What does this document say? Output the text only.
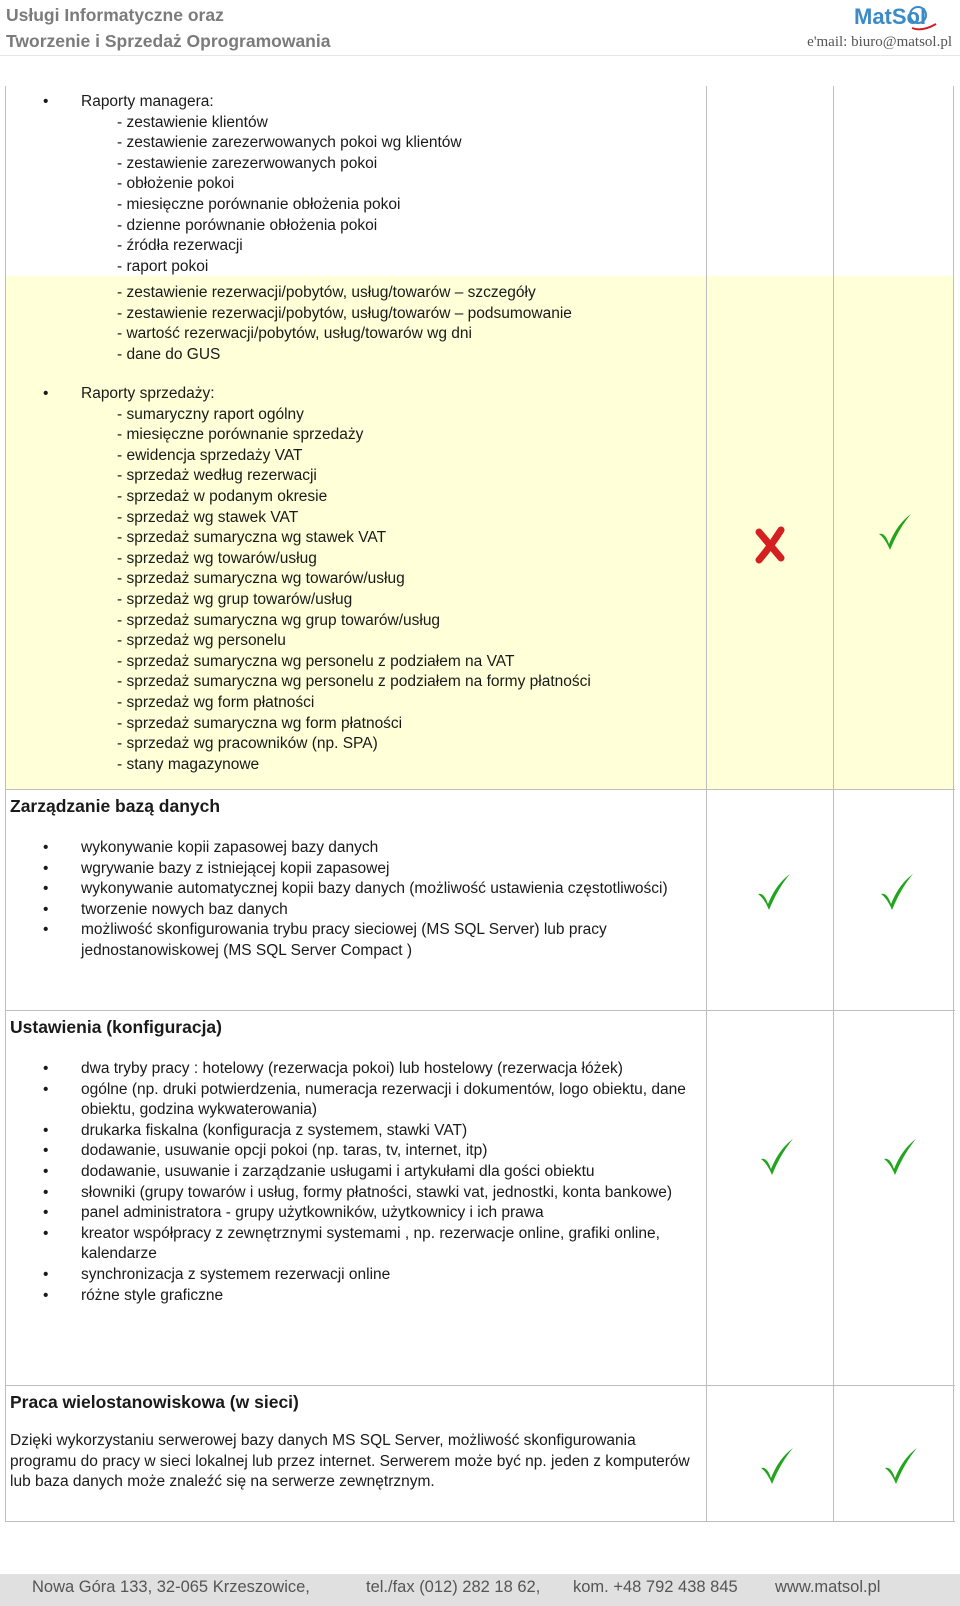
Usługi Informatyczne oraz
Tworzenie i Sprzedaż Oprogramowania
MatSol
e'mail: biuro@matsol.pl
• Raporty managera:
- zestawienie klientów
- zestawienie zarezerwowanych pokoi wg klientów
- zestawienie zarezerwowanych pokoi
- obłożenie pokoi
- miesięczne porównanie obłożenia pokoi
- dzienne porównanie obłożenia pokoi
- źródła rezerwacji
- raport pokoi
- zestawienie rezerwacji/pobytów, usług/towarów – szczegóły
- zestawienie rezerwacji/pobytów, usług/towarów – podsumowanie
- wartość rezerwacji/pobytów, usług/towarów wg dni
- dane do GUS
• Raporty sprzedaży:
- sumaryczny raport ogólny
- miesięczne porównanie sprzedaży
- ewidencja sprzedaży VAT
- sprzedaż według rezerwacji
- sprzedaż w podanym okresie
- sprzedaż wg stawek VAT
- sprzedaż sumaryczna wg stawek VAT
- sprzedaż wg towarów/usług
- sprzedaż sumaryczna wg towarów/usług
- sprzedaż wg grup towarów/usług
- sprzedaż sumaryczna wg grup towarów/usług
- sprzedaż wg personelu
- sprzedaż sumaryczna wg personelu z podziałem na VAT
- sprzedaż sumaryczna wg personelu z podziałem na formy płatności
- sprzedaż wg form płatności
- sprzedaż sumaryczna wg form płatności
- sprzedaż wg pracowników (np. SPA)
- stany magazynowe
Zarządzanie bazą danych
• wykonywanie kopii zapasowej bazy danych
• wgrywanie bazy z istniejącej kopii zapasowej
• wykonywanie automatycznej kopii bazy danych (możliwość ustawienia częstotliwości)
• tworzenie nowych baz danych
• możliwość skonfigurowania trybu pracy sieciowej (MS SQL Server) lub pracy jednostanowiskowej (MS SQL Server Compact )
Ustawienia (konfiguracja)
• dwa tryby pracy : hotelowy (rezerwacja pokoi) lub hostelowy (rezerwacja łóżek)
• ogólne (np. druki potwierdzenia, numeracja rezerwacji i dokumentów, logo obiektu, dane obiektu, godzina wykwaterowania)
• drukarka fiskalna (konfiguracja z systemem, stawki VAT)
• dodawanie, usuwanie opcji pokoi (np. taras, tv, internet, itp)
• dodawanie, usuwanie i zarządzanie usługami i artykułami dla gości obiektu
• słowniki (grupy towarów i usług, formy płatności, stawki vat, jednostki, konta bankowe)
• panel administratora - grupy użytkowników, użytkownicy i ich prawa
• kreator współpracy z zewnętrznymi systemami , np. rezerwacje online, grafiki online, kalendarze
• synchronizacja z systemem rezerwacji online
• różne style graficzne
Praca wielostanowiskowa (w sieci)
Dzięki wykorzystaniu serwerowej bazy danych MS SQL Server, możliwość skonfigurowania programu do pracy w sieci lokalnej lub przez internet. Serwerem może być np. jeden z komputerów lub baza danych może znaleźć się na serwerze zewnętrznym.
Nowa Góra 133, 32-065 Krzeszowice,	tel./fax (012) 282 18 62, kom. +48 792 438 845 www.matsol.pl
